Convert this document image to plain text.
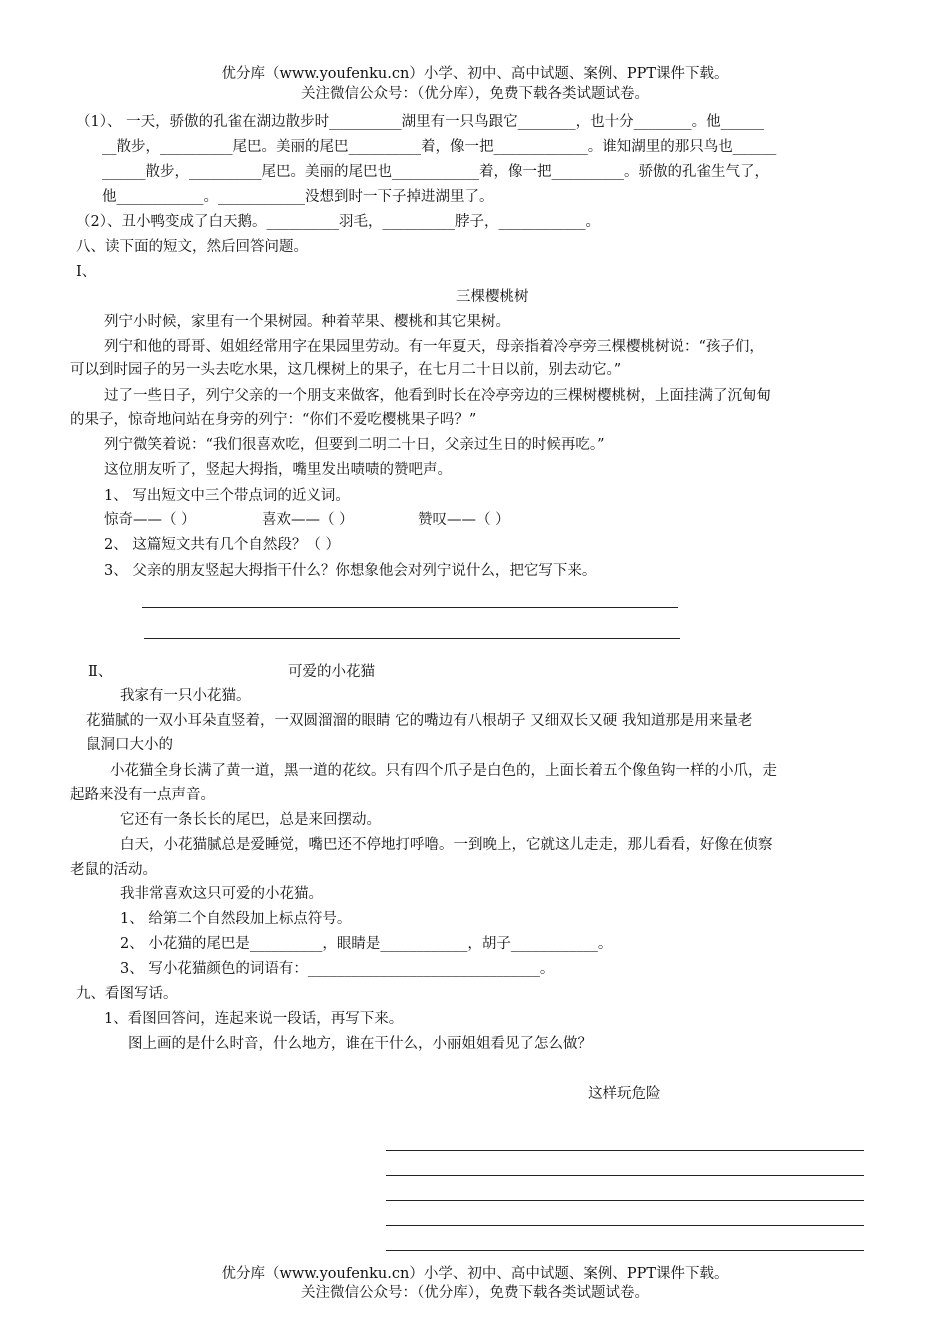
优分库（www.youfenku.cn）小学、初中、高中试题、案例、PPT课件下载。
关注微信公众号：（优分库），免费下载各类试题试卷。
（1）、 一天，骄傲的孔雀在湖边散步时__________湖里有一只鸟跟它________，也十分________。他______
__散步，__________尾巴。美丽的尾巴__________着，像一把_____________。谁知湖里的那只鸟也______
______散步，__________尾巴。美丽的尾巴也____________着，像一把__________。骄傲的孔雀生气了，
他____________。____________没想到时一下子掉进湖里了。
（2）、丑小鸭变成了白天鹅。__________羽毛，__________脖子，____________。
八、读下面的短文，然后回答问题。
Ⅰ、
三棵樱桃树
列宁小时候，家里有一个果树园。种着苹果、樱桃和其它果树。
列宁和他的哥哥、姐姐经常用字在果园里劳动。有一年夏天，母亲指着冷亭旁三棵樱桃树说：“孩子们，
可以到时园子的另一头去吃水果，这几棵树上的果子，在七月二十日以前，别去动它。”
过了一些日子，列宁父亲的一个朋支来做客，他看到时长在冷亭旁边的三棵树樱桃树，上面挂满了沉甸甸
的果子，惊奇地问站在身旁的列宁：“你们不爱吃樱桃果子吗？”
列宁微笑着说：“我们很喜欢吃，但要到二明二十日，父亲过生日的时候再吃。”
这位朋友听了，竖起大拇指，嘴里发出啧啧的赞吧声。
1、 写出短文中三个带点词的近义词。
惊奇——（ ）	喜欢——（ ）	赞叹——（ ）
2、 这篇短文共有几个自然段？（ ）
3、 父亲的朋友竖起大拇指干什么？你想象他会对列宁说什么，把它写下来。
Ⅱ、	可爱的小花猫
我家有一只小花猫。
花猫腻的一双小耳朵直竖着，一双圆溜溜的眼睛 它的嘴边有八根胡子 又细双长又硬 我知道那是用来量老
鼠洞口大小的
小花猫全身长满了黄一道，黑一道的花纹。只有四个爪子是白色的，上面长着五个像鱼钩一样的小爪，走
起路来没有一点声音。
它还有一条长长的尾巴，总是来回摆动。
白天，小花猫腻总是爱睡觉，嘴巴还不停地打呼噜。一到晚上，它就这儿走走，那儿看看，好像在侦察
老鼠的活动。
我非常喜欢这只可爱的小花猫。
1、 给第二个自然段加上标点符号。
2、 小花猫的尾巴是__________，眼睛是____________，胡子____________。
3、 写小花猫颜色的词语有：________________________________。
九、看图写话。
1、看图回答问，连起来说一段话，再写下来。
图上画的是什么时音，什么地方，谁在干什么，小丽姐姐看见了怎么做？
这样玩危险
优分库（www.youfenku.cn）小学、初中、高中试题、案例、PPT课件下载。
关注微信公众号：（优分库），免费下载各类试题试卷。
